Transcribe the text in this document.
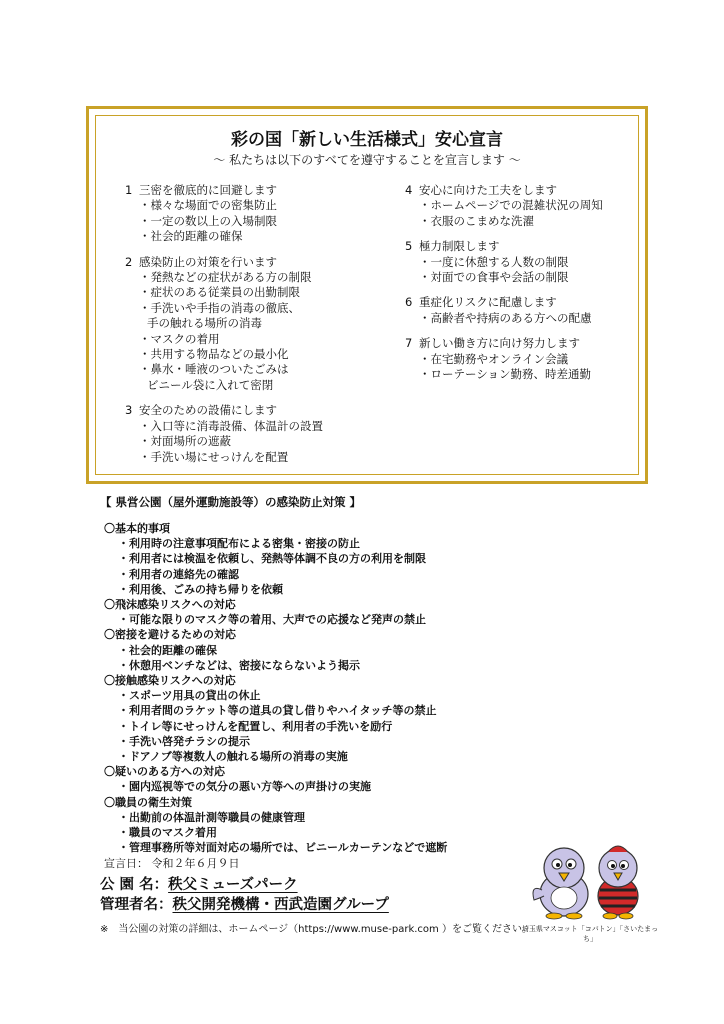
彩の国「新しい生活様式」安心宣言
～ 私たちは以下のすべてを遵守することを宣言します ～
1 三密を徹底的に回避します
・様々な場面での密集防止
・一定の数以上の入場制限
・社会的距離の確保
2 感染防止の対策を行います
・発熱などの症状がある方の制限
・症状のある従業員の出勤制限
・手洗いや手指の消毒の徹底、
手の触れる場所の消毒
・マスクの着用
・共用する物品などの最小化
・鼻水・唾液のついたごみは
ビニール袋に入れて密閉
3 安全のための設備にします
・入口等に消毒設備、体温計の設置
・対面場所の遮蔽
・手洗い場にせっけんを配置
4 安心に向けた工夫をします
・ホームページでの混雑状況の周知
・衣服のこまめな洗濯
5 極力制限します
・一度に休憩する人数の制限
・対面での食事や会話の制限
6 重症化リスクに配慮します
・高齢者や持病のある方への配慮
7 新しい働き方に向け努力します
・在宅勤務やオンライン会議
・ローテーション勤務、時差通勤
【 県営公園（屋外運動施設等）の感染防止対策 】
〇基本的事項
・利用時の注意事項配布による密集・密接の防止
・利用者には検温を依頼し、発熱等体調不良の方の利用を制限
・利用者の連絡先の確認
・利用後、ごみの持ち帰りを依頼
〇飛沫感染リスクへの対応
・可能な限りのマスク等の着用、大声での応援など発声の禁止
〇密接を避けるための対応
・社会的距離の確保
・休憩用ベンチなどは、密接にならないよう掲示
〇接触感染リスクへの対応
・スポーツ用具の貸出の休止
・利用者間のラケット等の道具の貸し借りやハイタッチ等の禁止
・トイレ等にせっけんを配置し、利用者の手洗いを励行
・手洗い啓発チラシの提示
・ドアノブ等複数人の触れる場所の消毒の実施
〇疑いのある方への対応
・園内巡視等での気分の悪い方等への声掛けの実施
〇職員の衛生対策
・出勤前の体温計測等職員の健康管理
・職員のマスク着用
・管理事務所等対面対応の場所では、ビニールカーテンなどで遮断
宣言日： 令和２年６月９日
公 園 名：秩父ミューズパーク
管理者名：秩父開発機構・西武造園グループ
※　当公園の対策の詳細は、ホームページ（https://www.muse-park.com ）をご覧ください。
埼玉県マスコット「コバトン」「さいたまっち」
